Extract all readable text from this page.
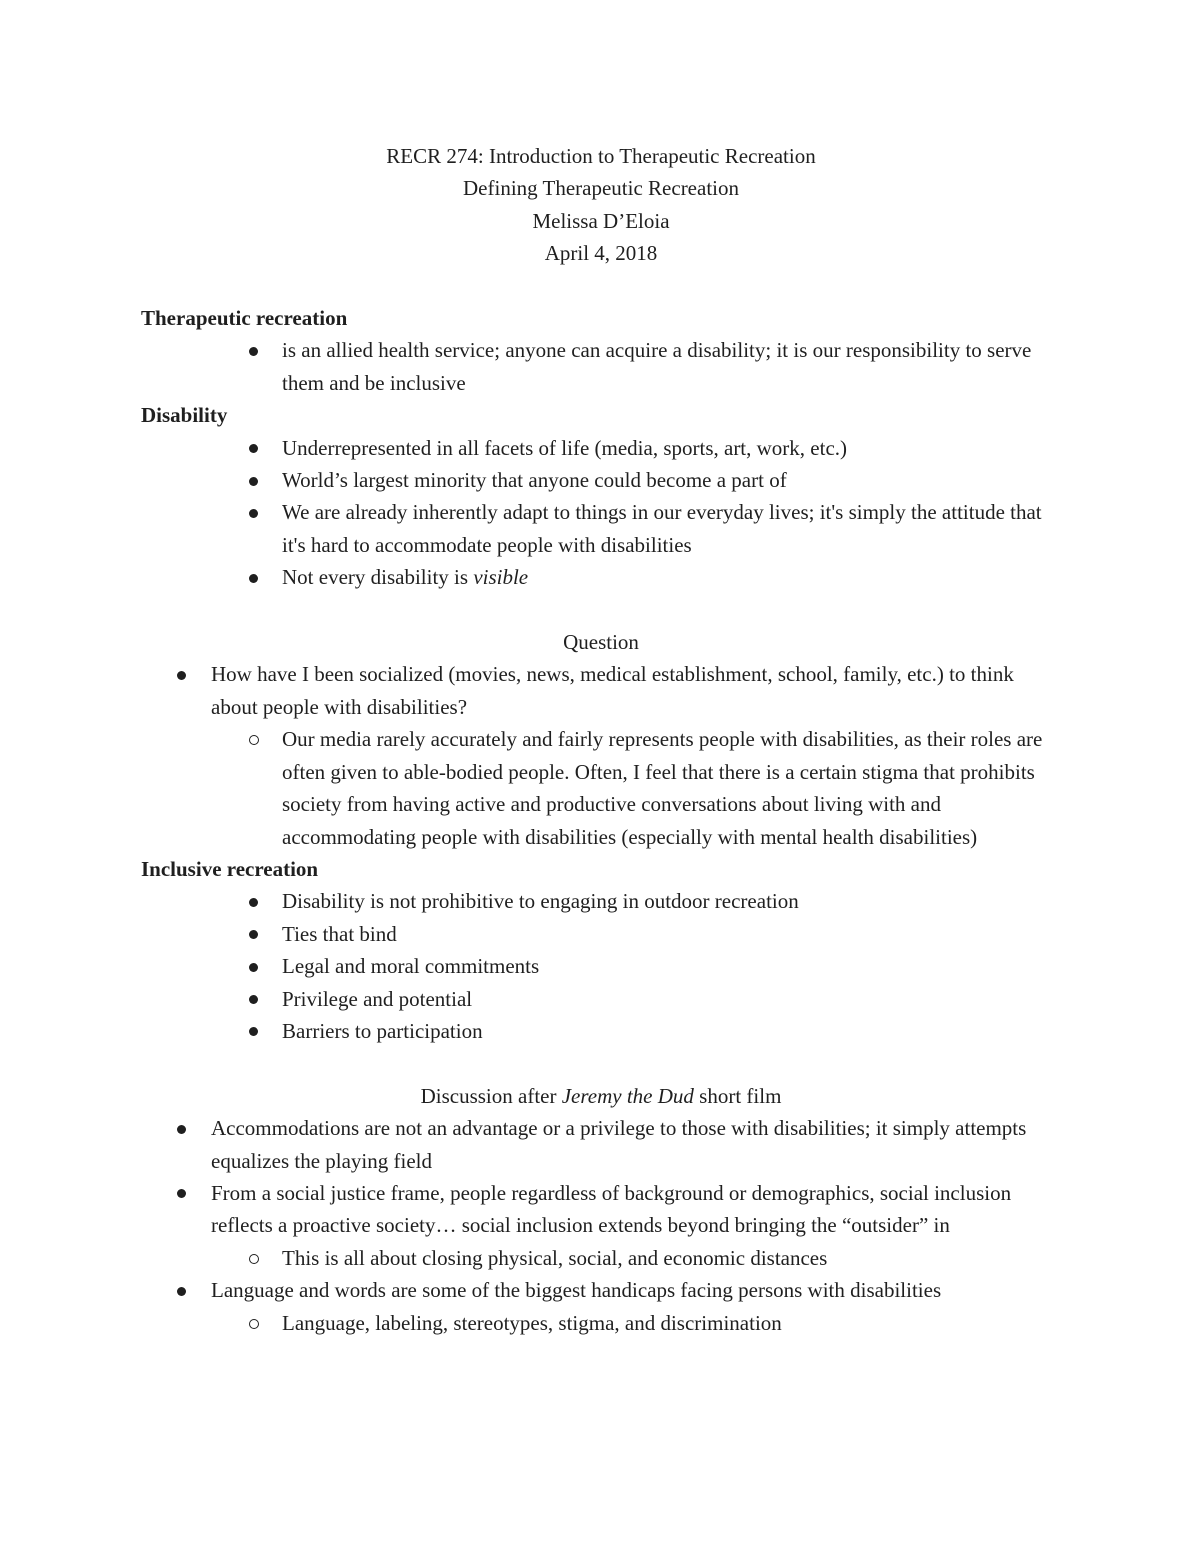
RECR 274: Introduction to Therapeutic Recreation
Defining Therapeutic Recreation
Melissa D’Eloia
April 4, 2018
Therapeutic recreation
is an allied health service; anyone can acquire a disability; it is our responsibility to serve them and be inclusive
Disability
Underrepresented in all facets of life (media, sports, art, work, etc.)
World’s largest minority that anyone could become a part of
We are already inherently adapt to things in our everyday lives; it's simply the attitude that it's hard to accommodate people with disabilities
Not every disability is visible
Question
How have I been socialized (movies, news, medical establishment, school, family, etc.) to think about people with disabilities?
Our media rarely accurately and fairly represents people with disabilities, as their roles are often given to able-bodied people. Often, I feel that there is a certain stigma that prohibits society from having active and productive conversations about living with and accommodating people with disabilities (especially with mental health disabilities)
Inclusive recreation
Disability is not prohibitive to engaging in outdoor recreation
Ties that bind
Legal and moral commitments
Privilege and potential
Barriers to participation
Discussion after Jeremy the Dud short film
Accommodations are not an advantage or a privilege to those with disabilities; it simply attempts equalizes the playing field
From a social justice frame, people regardless of background or demographics, social inclusion reflects a proactive society… social inclusion extends beyond bringing the “outsider” in
This is all about closing physical, social, and economic distances
Language and words are some of the biggest handicaps facing persons with disabilities
Language, labeling, stereotypes, stigma, and discrimination
